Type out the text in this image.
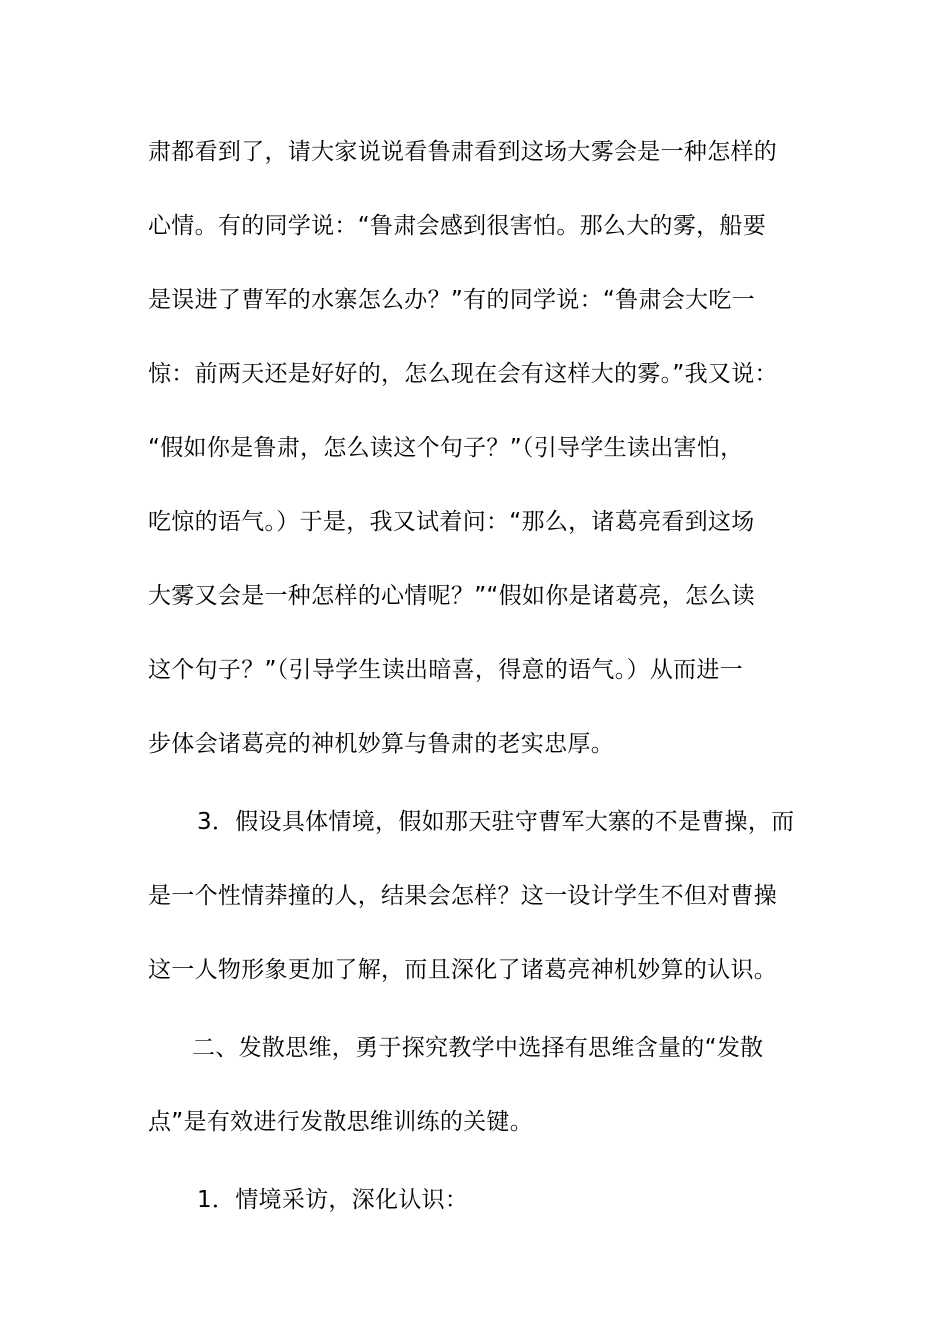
肃都看到了，请大家说说看鲁肃看到这场大雾会是一种怎样的
心情。有的同学说：“鲁肃会感到很害怕。那么大的雾，船要
是误进了曹军的水寨怎么办？”有的同学说：“鲁肃会大吃一
惊：前两天还是好好的，怎么现在会有这样大的雾。”我又说：
“假如你是鲁肃，怎么读这个句子？”（引导学生读出害怕，
吃惊的语气。）于是，我又试着问：“那么，诸葛亮看到这场
大雾又会是一种怎样的心情呢？”“假如你是诸葛亮，怎么读
这个句子？”（引导学生读出暗喜，得意的语气。）从而进一
步体会诸葛亮的神机妙算与鲁肃的老实忠厚。
3．假设具体情境，假如那天驻守曹军大寨的不是曹操，而
是一个性情莽撞的人，结果会怎样？这一设计学生不但对曹操
这一人物形象更加了解，而且深化了诸葛亮神机妙算的认识。
二、发散思维，勇于探究教学中选择有思维含量的“发散
点”是有效进行发散思维训练的关键。
1．情境采访，深化认识：
